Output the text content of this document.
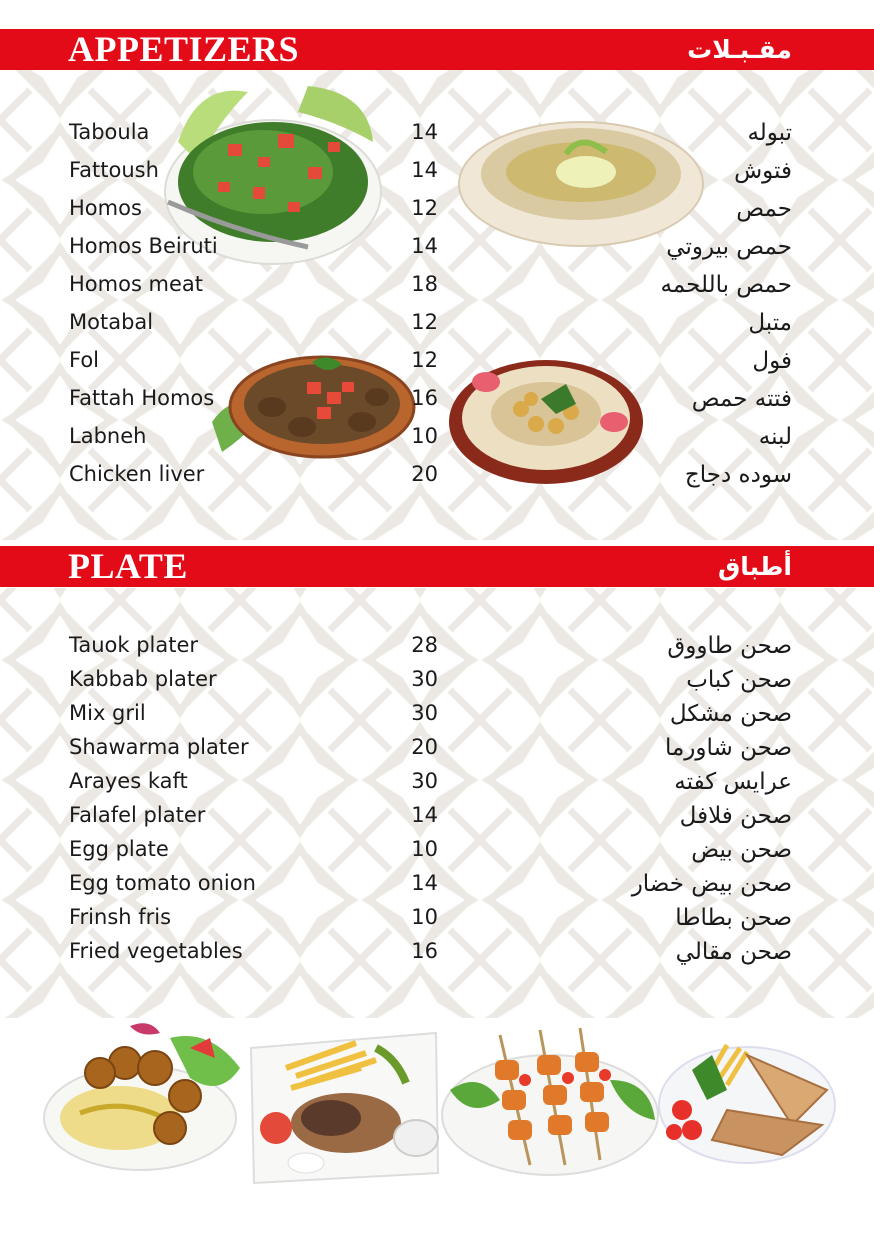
APPETIZERS	مقـبـلات
Taboula	14	تبوله
Fattoush	14	فتوش
Homos	12	حمص
Homos Beiruti	14	حمص بيروتي
Homos meat	18	حمص باللحمه
Motabal	12	متبل
Fol	12	فول
Fattah Homos	16	فتته حمص
Labneh	10	لبنه
Chicken liver	20	سوده دجاج
PLATE	أطباق
Tauok plater	28	صحن طاووق
Kabbab plater	30	صحن كباب
Mix gril	30	صحن مشكل
Shawarma plater	20	صحن شاورما
Arayes kaft	30	عرايس كفته
Falafel plater	14	صحن فلافل
Egg plate	10	صحن بيض
Egg tomato onion	14	صحن بيض خضار
Frinsh fris	10	صحن بطاطا
Fried vegetables	16	صحن مقالي
